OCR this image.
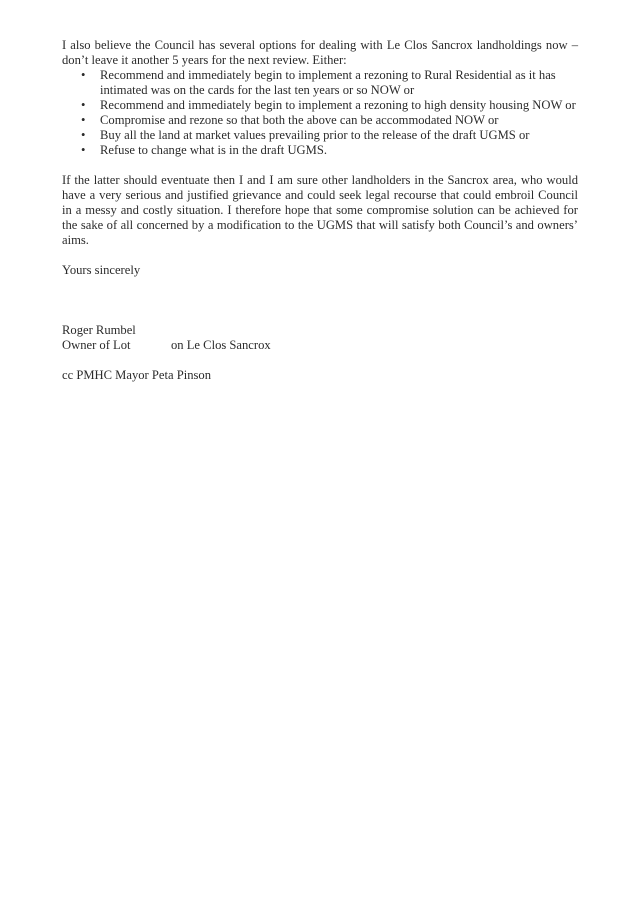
I also believe the Council has several options for dealing with Le Clos Sancrox landholdings now – don’t leave it another 5 years for the next review. Either:

• Recommend and immediately begin to implement a rezoning to Rural Residential as it has intimated was on the cards for the last ten years or so NOW or
• Recommend and immediately begin to implement a rezoning to high density housing NOW or
• Compromise and rezone so that both the above can be accommodated NOW or
• Buy all the land at market values prevailing prior to the release of the draft UGMS or
• Refuse to change what is in the draft UGMS.

If the latter should eventuate then I and I am sure other landholders in the Sancrox area, who would have a very serious and justified grievance and could seek legal recourse that could embroil Council in a messy and costly situation. I therefore hope that some compromise solution can be achieved for the sake of all concerned by a modification to the UGMS that will satisfy both Council’s and owners’ aims.

Yours sincerely

Roger Rumbel

Owner of Lot	on Le Clos Sancrox

cc PMHC Mayor Peta Pinson
